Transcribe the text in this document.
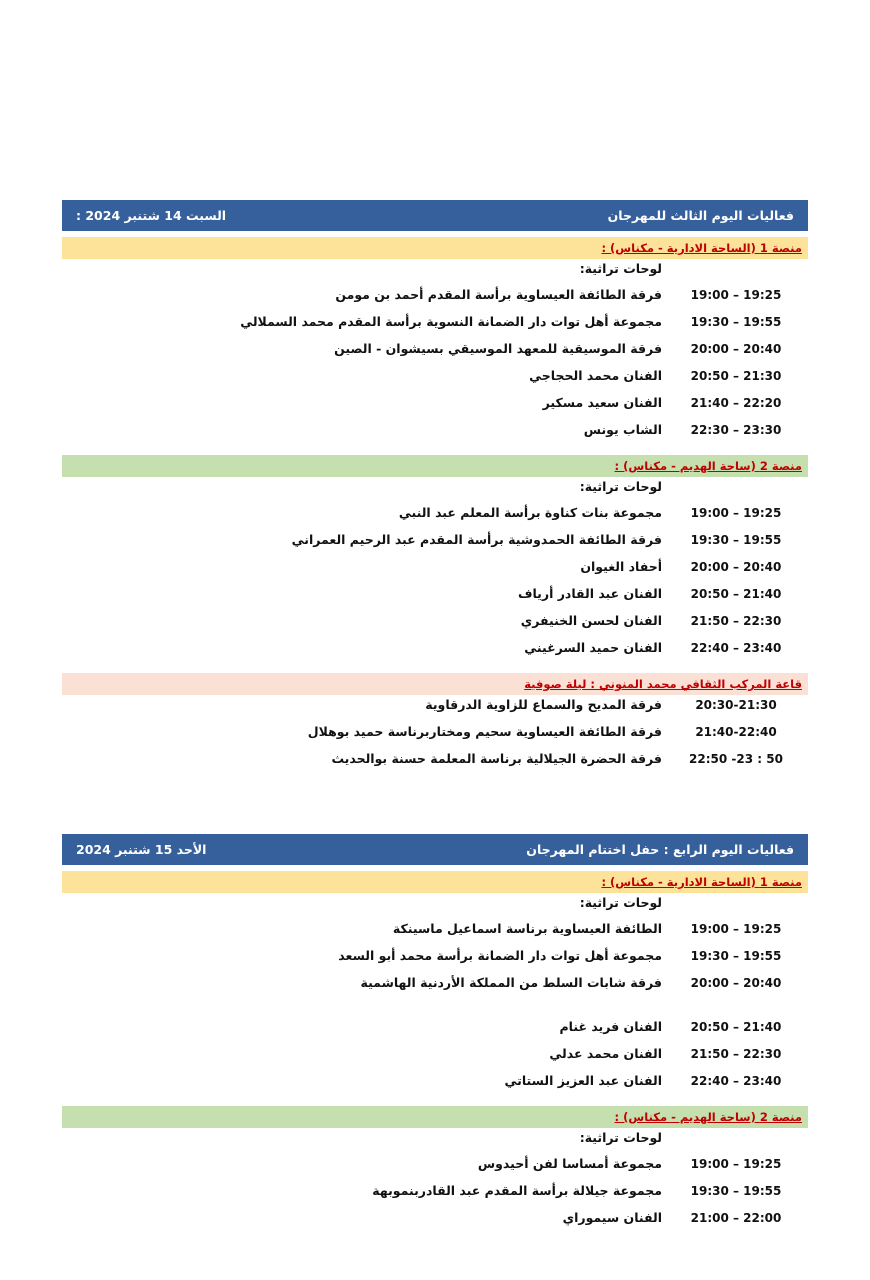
فعاليات اليوم الثالث للمهرجان
السبت 14 شتنبر 2024 :
منصة 1 (الساحة الادارية - مكناس) :
لوحات تراثية:
19:00 – 19:25
فرقة الطائفة العيساوية برأسة المقدم أحمد بن مومن
19:30 – 19:55
مجموعة أهل توات دار الضمانة النسوية برأسة المقدم محمد السملالي
20:00 – 20:40
فرقة الموسيقية للمعهد الموسيقي بسيشوان - الصين
20:50 – 21:30
الفنان محمد الحجاجي
21:40 – 22:20
الفنان سعيد مسكير
22:30 – 23:30
الشاب يونس
منصة 2 (ساحة الهديم - مكناس) :
لوحات تراثية:
19:00 – 19:25
مجموعة بنات كناوة برأسة المعلم عبد النبي
19:30 – 19:55
فرقة الطائفة الحمدوشية برأسة المقدم عبد الرحيم العمراني
20:00 – 20:40
أحفاد الغيوان
20:50 – 21:40
الفنان عبد القادر أرياف
21:50 – 22:30
الفنان لحسن الخنيفري
22:40 – 23:40
الفنان حميد السرغيني
قاعة المركب الثقافي محمد المنوني : ليلة صوفية
20:30-21:30
فرقة المديح والسماع للزاوية الدرقاوية
21:40-22:40
فرقة الطائفة العيساوية سحيم ومختاربرناسة حميد بوهلال
22:50 -23 : 50
فرقة الحضرة الجيلالية برناسة المعلمة حسنة بوالحديث
فعاليات اليوم الرابع : حفل اختتام المهرجان
الأحد 15 شتنبر 2024
منصة 1 (الساحة الادارية - مكناس) :
لوحات تراثية:
19:00 – 19:25
الطائفة العيساوية برناسة اسماعيل ماسينكة
19:30 – 19:55
مجموعة أهل توات دار الضمانة برأسة محمد أبو السعد
20:00 – 20:40
فرقة شابات السلط من المملكة الأردنية الهاشمية
20:50 – 21:40
الفنان فريد غنام
21:50 – 22:30
الفنان محمد عدلي
22:40 – 23:40
الفنان عبد العزيز الستاتي
منصة 2 (ساحة الهديم - مكناس) :
لوحات تراثية:
19:00 – 19:25
مجموعة أمساسا لفن أحيدوس
19:30 – 19:55
مجموعة جيلالة برأسة المقدم عبد القادربنموبهة
21:00 – 22:00
الفنان سيموراي
